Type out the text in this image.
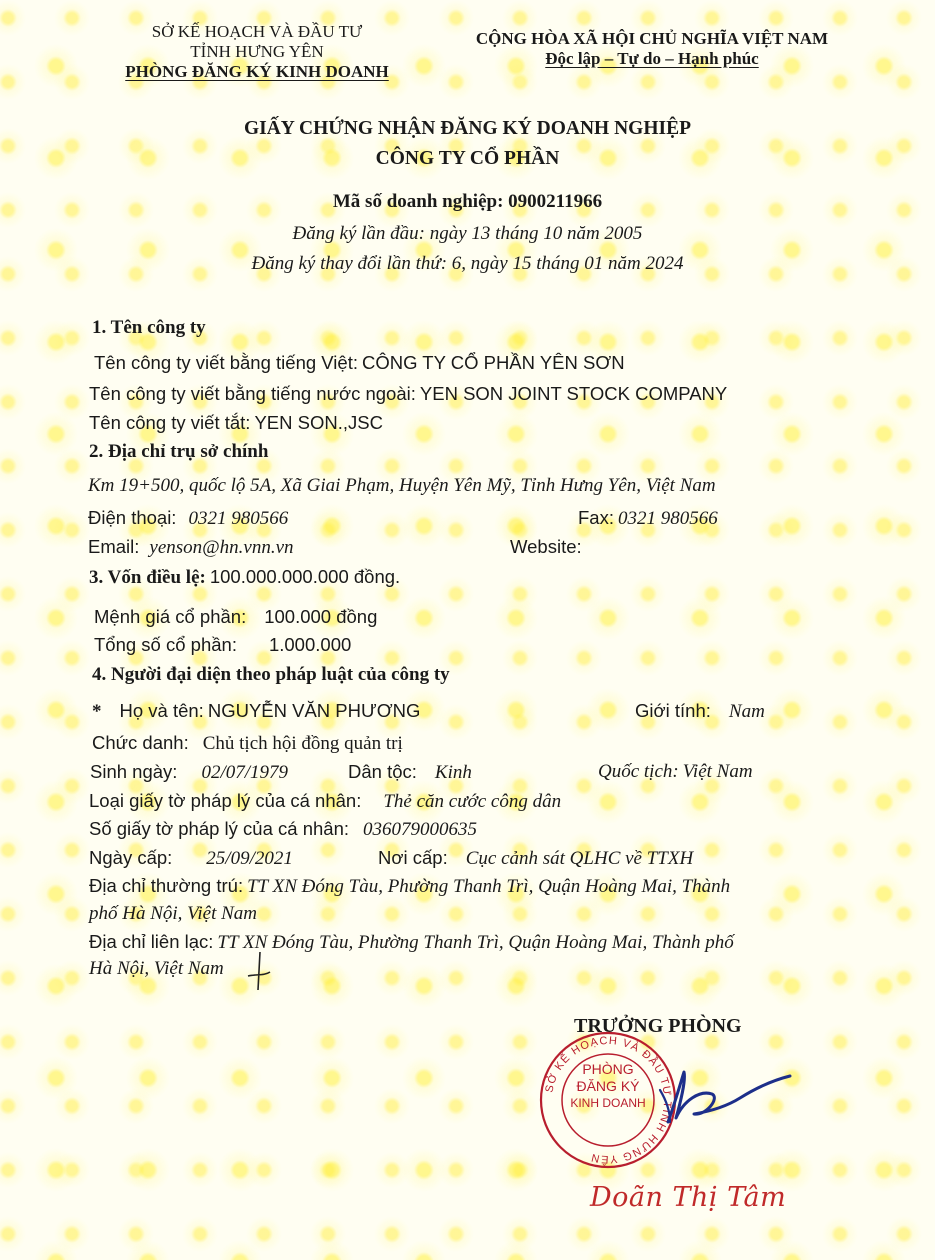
SỞ KẾ HOẠCH VÀ ĐẦU TƯ
TỈNH HƯNG YÊN
PHÒNG ĐĂNG KÝ KINH DOANH
CỘNG HÒA XÃ HỘI CHỦ NGHĨA VIỆT NAM
Độc lập – Tự do – Hạnh phúc
GIẤY CHỨNG NHẬN ĐĂNG KÝ DOANH NGHIỆP
CÔNG TY CỔ PHẦN
Mã số doanh nghiệp: 0900211966
Đăng ký lần đầu: ngày 13 tháng 10 năm 2005
Đăng ký thay đổi lần thứ: 6, ngày 15 tháng 01 năm 2024
1. Tên công ty
Tên công ty viết bằng tiếng Việt: CÔNG TY CỔ PHẦN YÊN SƠN
Tên công ty viết bằng tiếng nước ngoài: YEN SON JOINT STOCK COMPANY
Tên công ty viết tắt: YEN SON.,JSC
2. Địa chỉ trụ sở chính
Km 19+500, quốc lộ 5A, Xã Giai Phạm, Huyện Yên Mỹ, Tỉnh Hưng Yên, Việt Nam
Điện thoại: 0321 980566	Fax: 0321 980566
Email: yenson@hn.vnn.vn	Website:
3. Vốn điều lệ: 100.000.000.000 đồng.
Mệnh giá cổ phần: 100.000 đồng
Tổng số cổ phần: 1.000.000
4. Người đại diện theo pháp luật của công ty
* Họ và tên: NGUYỄN VĂN PHƯƠNG	Giới tính: Nam
Chức danh: Chủ tịch hội đồng quản trị
Sinh ngày: 02/07/1979	Dân tộc: Kinh	Quốc tịch: Việt Nam
Loại giấy tờ pháp lý của cá nhân: Thẻ căn cước công dân
Số giấy tờ pháp lý của cá nhân: 036079000635
Ngày cấp: 25/09/2021	Nơi cấp: Cục cảnh sát QLHC về TTXH
Địa chỉ thường trú: TT XN Đóng Tàu, Phường Thanh Trì, Quận Hoàng Mai, Thành
phố Hà Nội, Việt Nam
Địa chỉ liên lạc: TT XN Đóng Tàu, Phường Thanh Trì, Quận Hoàng Mai, Thành phố
Hà Nội, Việt Nam
TRƯỞNG PHÒNG
SỞ KẾ HOẠCH VÀ ĐẦU TƯ TỈNH HƯNG YÊN
PHÒNG
ĐĂNG KÝ
KINH DOANH
Doãn Thị Tâm
